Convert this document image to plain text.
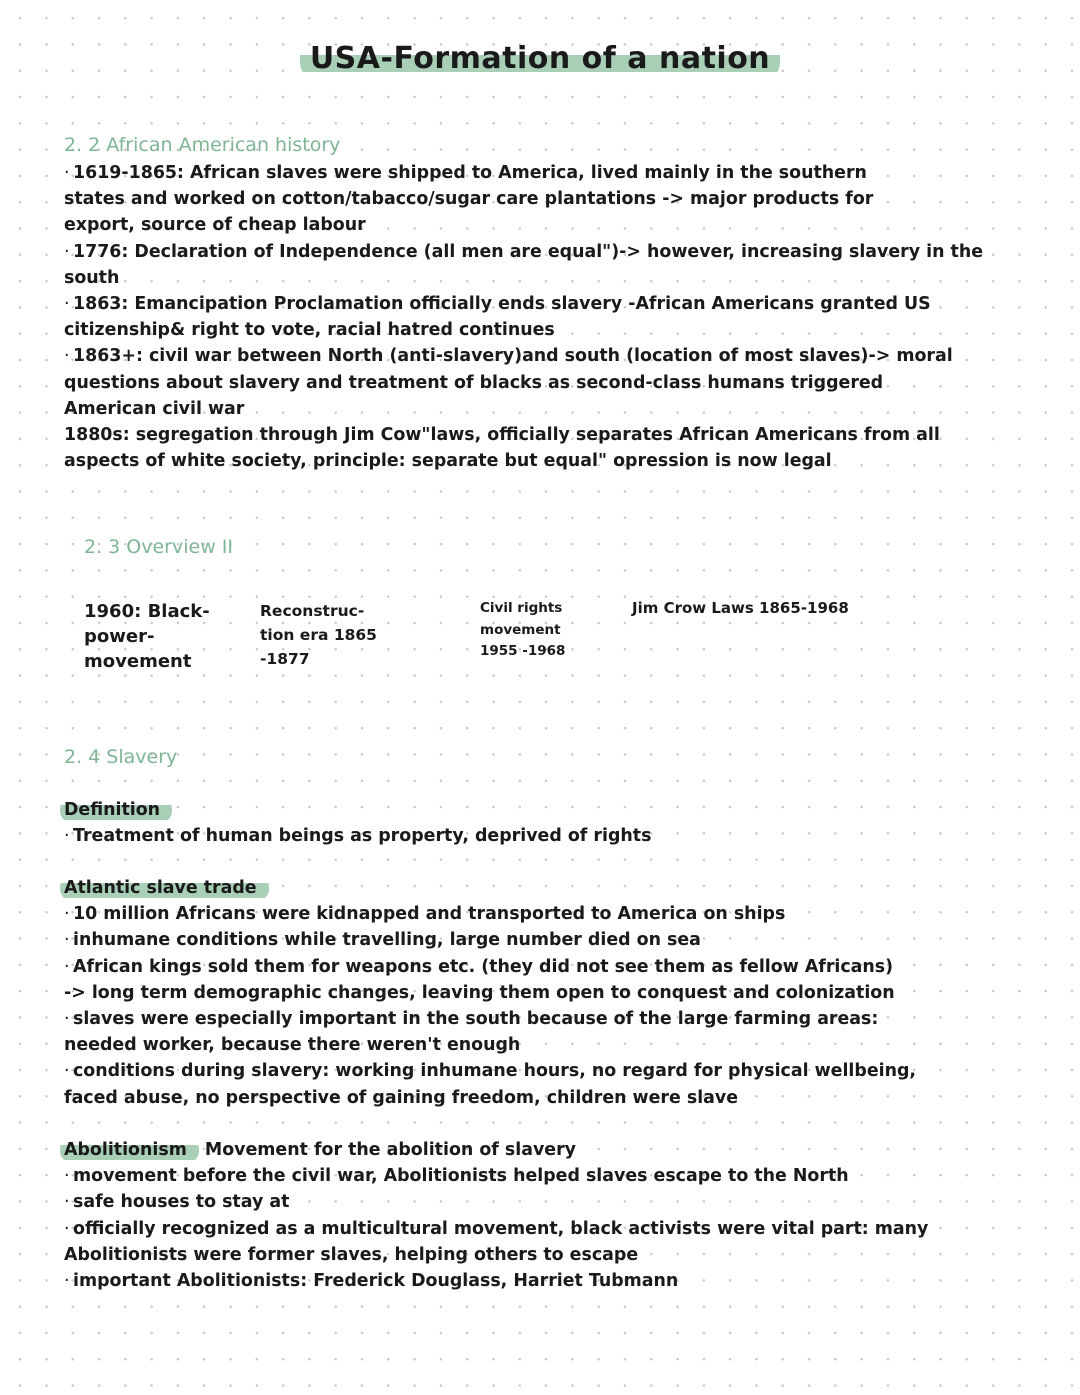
USA-Formation of a nation
2. 2 African American history

· 1619-1865: African slaves were shipped to America, lived mainly in the southern

states and worked on cotton/tabacco/sugar care plantations -> major products for

export, source of cheap labour

· 1776: Declaration of Independence (all men are equal")-> however, increasing slavery in the

south

· 1863: Emancipation Proclamation officially ends slavery -African Americans granted US

citizenship& right to vote, racial hatred continues

· 1863+: civil war between North (anti-slavery)and south (location of most slaves)-> moral

questions about slavery and treatment of blacks as second-class humans triggered

American civil war

1880s: segregation through Jim Cow"laws, officially separates African Americans from all

aspects of white society, principle: separate but equal" opression is now legal

2. 3 Overview II
1960: Black-
power-
movement
Reconstruc-
tion era 1865
-1877
Civil rights
movement
1955 -1968
Jim Crow Laws 1865-1968
2. 4 Slavery

Definition

· Treatment of human beings as property, deprived of rights

Atlantic slave trade

· 10 million Africans were kidnapped and transported to America on ships

· inhumane conditions while travelling, large number died on sea

· African kings sold them for weapons etc. (they did not see them as fellow Africans)

-> long term demographic changes, leaving them open to conquest and colonization

· slaves were especially important in the south because of the large farming areas:

needed worker, because there weren't enough

· conditions during slavery: working inhumane hours, no regard for physical wellbeing,

faced abuse, no perspective of gaining freedom, children were slave

Abolitionism Movement for the abolition of slavery

· movement before the civil war, Abolitionists helped slaves escape to the North

· safe houses to stay at

· officially recognized as a multicultural movement, black activists were vital part: many

Abolitionists were former slaves, helping others to escape

· important Abolitionists: Frederick Douglass, Harriet Tubmann
